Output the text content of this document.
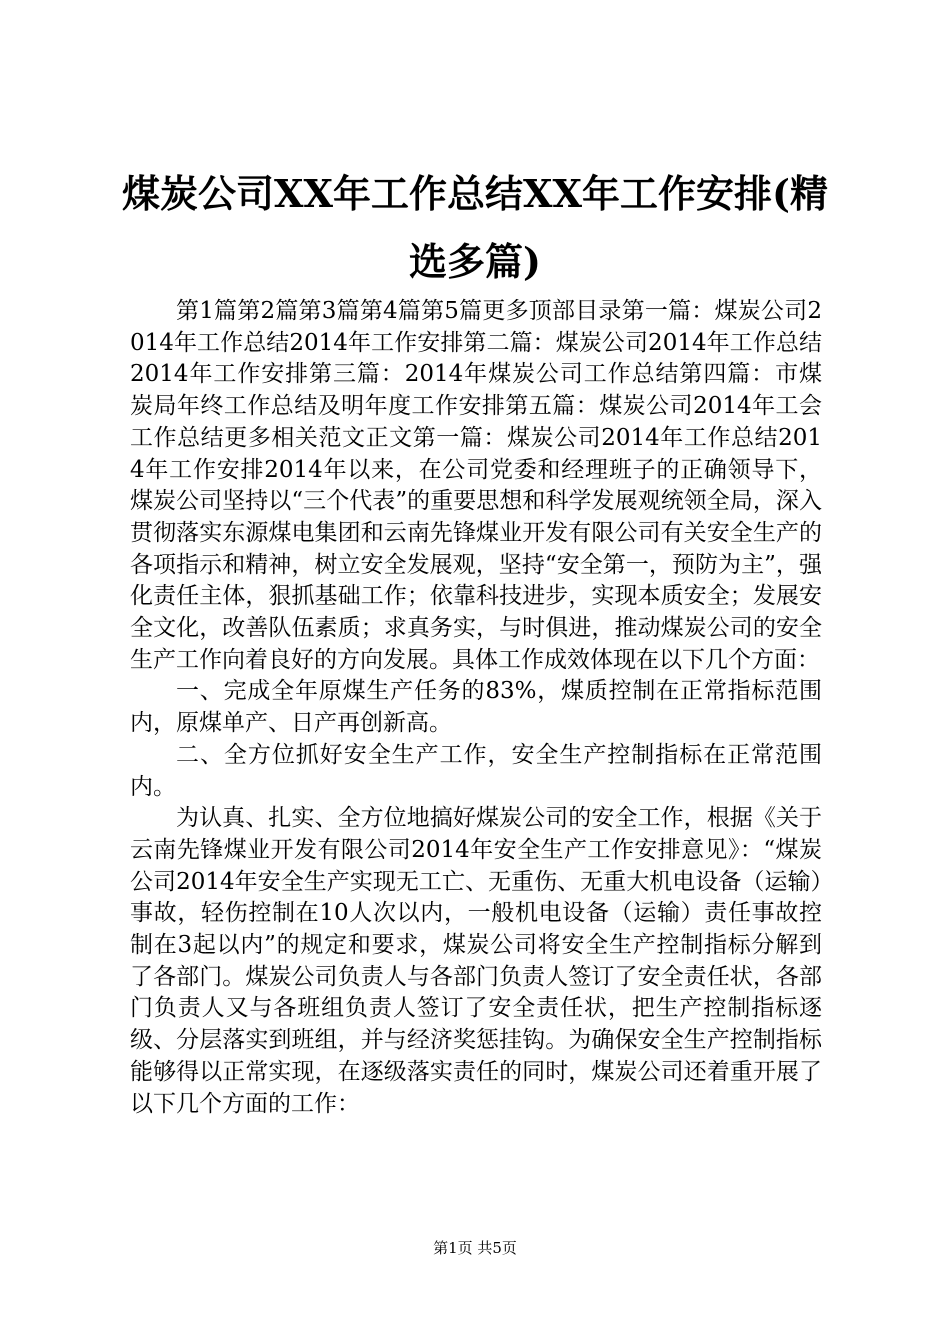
煤炭公司XX年工作总结XX年工作安排(精选多篇)

第1篇第2篇第3篇第4篇第5篇更多顶部目录第一篇：煤炭公司2014年工作总结2014年工作安排第二篇：煤炭公司2014年工作总结2014年工作安排第三篇：2014年煤炭公司工作总结第四篇：市煤炭局年终工作总结及明年度工作安排第五篇：煤炭公司2014年工会工作总结更多相关范文正文第一篇：煤炭公司2014年工作总结2014年工作安排2014年以来，在公司党委和经理班子的正确领导下，煤炭公司坚持以“三个代表”的重要思想和科学发展观统领全局，深入贯彻落实东源煤电集团和云南先锋煤业开发有限公司有关安全生产的各项指示和精神，树立安全发展观，坚持“安全第一，预防为主”，强化责任主体，狠抓基础工作；依靠科技进步，实现本质安全；发展安全文化，改善队伍素质；求真务实，与时俱进，推动煤炭公司的安全生产工作向着良好的方向发展。具体工作成效体现在以下几个方面：

一、完成全年原煤生产任务的83%，煤质控制在正常指标范围内，原煤单产、日产再创新高。

二、全方位抓好安全生产工作，安全生产控制指标在正常范围内。

为认真、扎实、全方位地搞好煤炭公司的安全工作，根据《关于云南先锋煤业开发有限公司2014年安全生产工作安排意见》：“煤炭公司2014年安全生产实现无工亡、无重伤、无重大机电设备（运输）事故，轻伤控制在10人次以内，一般机电设备（运输）责任事故控制在3起以内”的规定和要求，煤炭公司将安全生产控制指标分解到了各部门。煤炭公司负责人与各部门负责人签订了安全责任状，各部门负责人又与各班组负责人签订了安全责任状，把生产控制指标逐级、分层落实到班组，并与经济奖惩挂钩。为确保安全生产控制指标能够得以正常实现，在逐级落实责任的同时，煤炭公司还着重开展了以下几个方面的工作：

第1页 共5页
